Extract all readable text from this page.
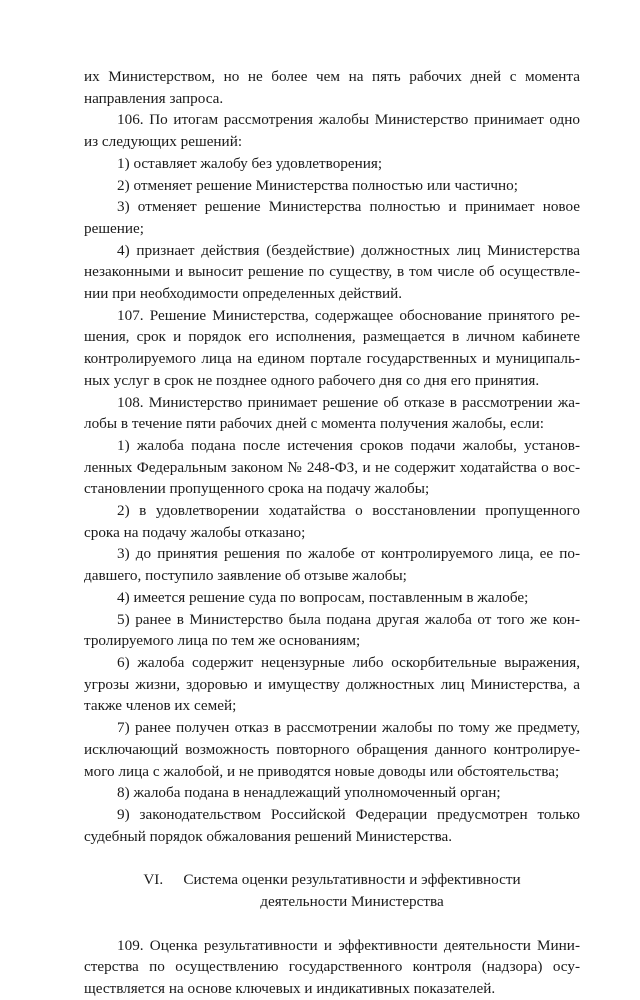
их Министерством, но не более чем на пять рабочих дней с момента направления запроса.

106. По итогам рассмотрения жалобы Министерство принимает одно из следующих решений:

1) оставляет жалобу без удовлетворения;

2) отменяет решение Министерства полностью или частично;

3) отменяет решение Министерства полностью и принимает новое решение;

4) признает действия (бездействие) должностных лиц Министерства незаконными и выносит решение по существу, в том числе об осуществлении при необходимости определенных действий.

107. Решение Министерства, содержащее обоснование принятого решения, срок и порядок его исполнения, размещается в личном кабинете контролируемого лица на едином портале государственных и муниципальных услуг в срок не позднее одного рабочего дня со дня его принятия.

108. Министерство принимает решение об отказе в рассмотрении жалобы в течение пяти рабочих дней с момента получения жалобы, если:

1) жалоба подана после истечения сроков подачи жалобы, установленных Федеральным законом № 248-ФЗ, и не содержит ходатайства о восстановлении пропущенного срока на подачу жалобы;

2) в удовлетворении ходатайства о восстановлении пропущенного срока на подачу жалобы отказано;

3) до принятия решения по жалобе от контролируемого лица, ее подавшего, поступило заявление об отзыве жалобы;

4) имеется решение суда по вопросам, поставленным в жалобе;

5) ранее в Министерство была подана другая жалоба от того же контролируемого лица по тем же основаниям;

6) жалоба содержит нецензурные либо оскорбительные выражения, угрозы жизни, здоровью и имуществу должностных лиц Министерства, а также членов их семей;

7) ранее получен отказ в рассмотрении жалобы по тому же предмету, исключающий возможность повторного обращения данного контролируемого лица с жалобой, и не приводятся новые доводы или обстоятельства;

8) жалоба подана в ненадлежащий уполномоченный орган;

9) законодательством Российской Федерации предусмотрен только судебный порядок обжалования решений Министерства.

VI.	Система оценки результативности и эффективности
деятельности Министерства

109. Оценка результативности и эффективности деятельности Министерства по осуществлению государственного контроля (надзора) осуществляется на основе ключевых и индикативных показателей.
